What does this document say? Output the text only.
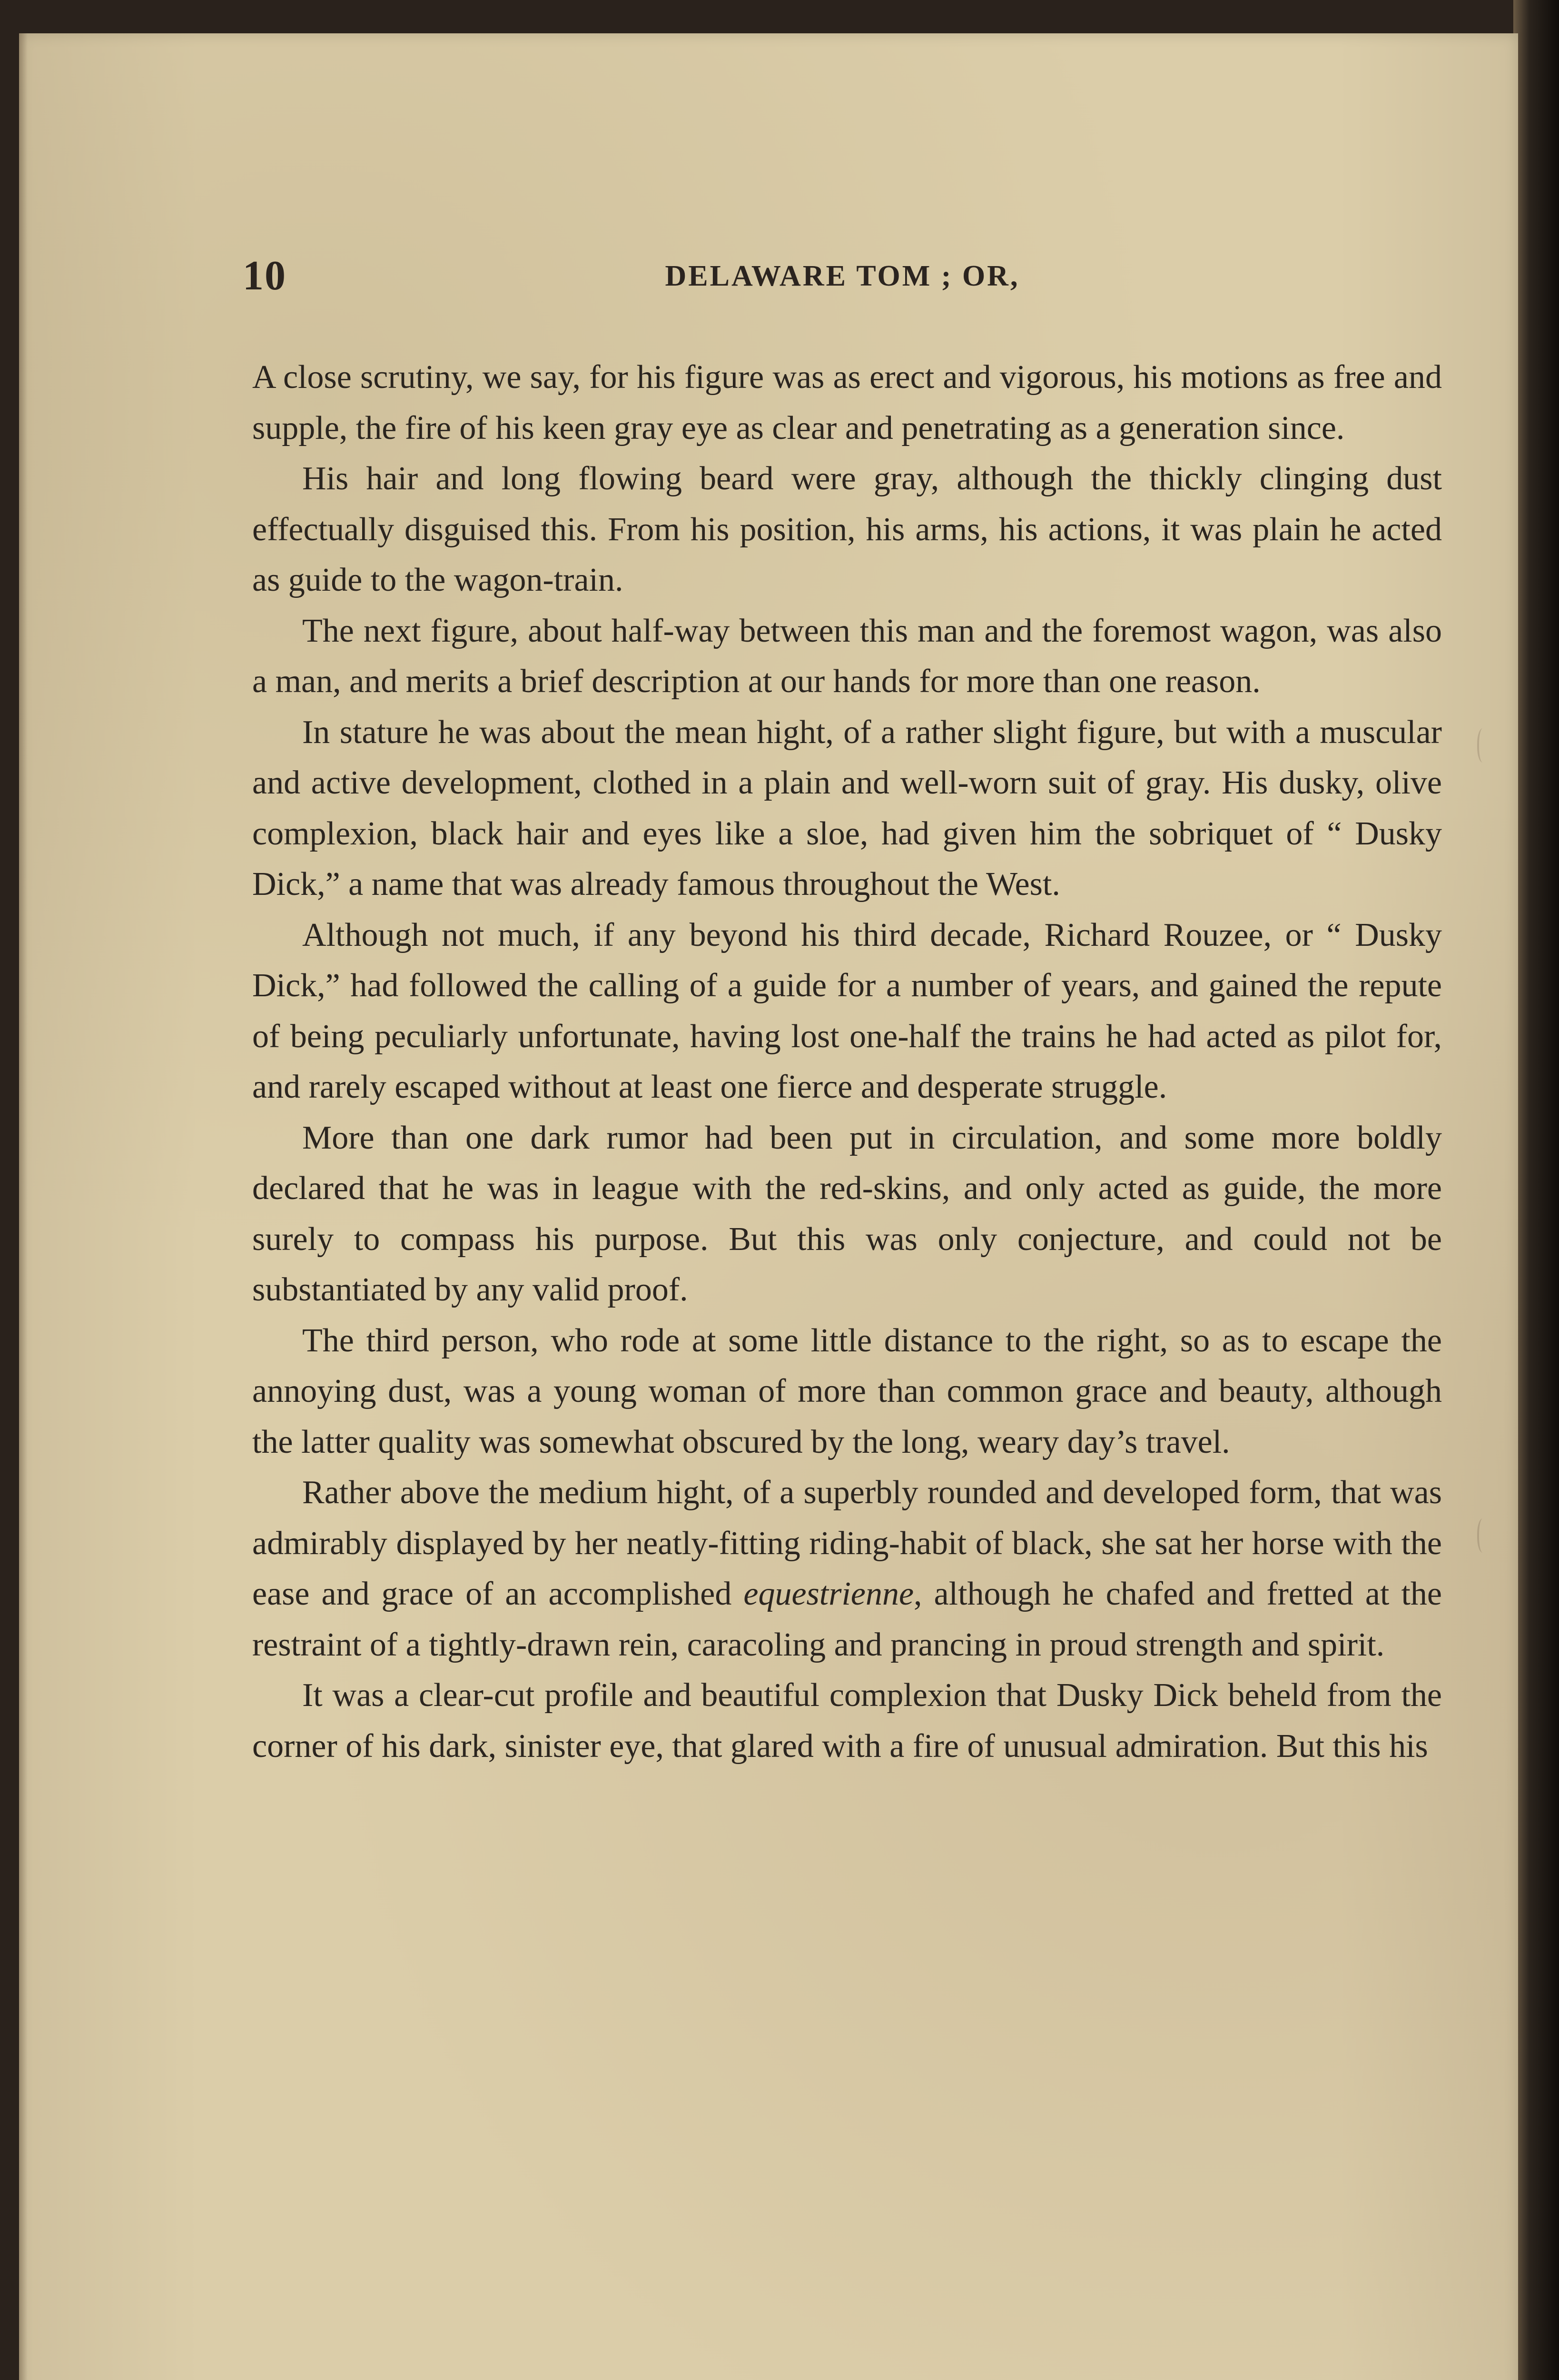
10	DELAWARE TOM ; OR,

A close scrutiny, we say, for his figure was as erect and vigorous, his motions as free and supple, the fire of his keen gray eye as clear and penetrating as a generation since.

His hair and long flowing beard were gray, although the thickly clinging dust effectually disguised this. From his position, his arms, his actions, it was plain he acted as guide to the wagon-train.

The next figure, about half-way between this man and the foremost wagon, was also a man, and merits a brief description at our hands for more than one reason.

In stature he was about the mean hight, of a rather slight figure, but with a muscular and active development, clothed in a plain and well-worn suit of gray. His dusky, olive complexion, black hair and eyes like a sloe, had given him the sobriquet of “ Dusky Dick,” a name that was already famous throughout the West.

Although not much, if any beyond his third decade, Richard Rouzee, or “ Dusky Dick,” had followed the calling of a guide for a number of years, and gained the repute of being peculiarly unfortunate, having lost one-half the trains he had acted as pilot for, and rarely escaped without at least one fierce and desperate struggle.

More than one dark rumor had been put in circulation, and some more boldly declared that he was in league with the red-skins, and only acted as guide, the more surely to compass his purpose. But this was only conjecture, and could not be substantiated by any valid proof.

The third person, who rode at some little distance to the right, so as to escape the annoying dust, was a young woman of more than common grace and beauty, although the latter quality was somewhat obscured by the long, weary day’s travel.

Rather above the medium hight, of a superbly rounded and developed form, that was admirably displayed by her neatly-fitting riding-habit of black, she sat her horse with the ease and grace of an accomplished equestrienne, although he chafed and fretted at the restraint of a tightly-drawn rein, caracoling and prancing in proud strength and spirit.

It was a clear-cut profile and beautiful complexion that Dusky Dick beheld from the corner of his dark, sinister eye, that glared with a fire of unusual admiration. But this his
